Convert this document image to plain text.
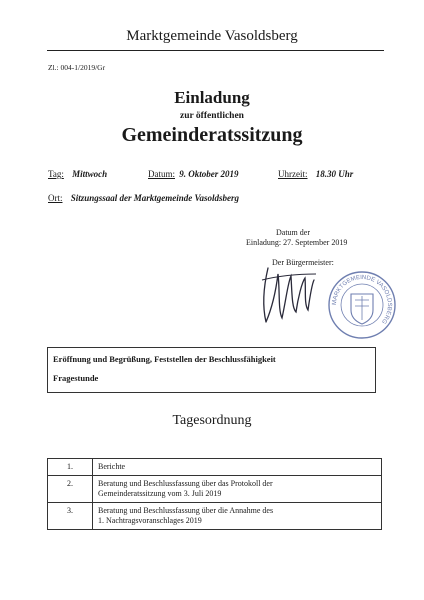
Marktgemeinde Vasoldsberg
Zl.: 004-1/2019/Gr
Einladung
zur öffentlichen
Gemeinderatssitzung
Tag: Mittwoch	Datum: 9. Oktober 2019	Uhrzeit: 18.30 Uhr
Ort: Sitzungssaal der Marktgemeinde Vasoldsberg
Datum der
Einladung: 27. September 2019
Der Bürgermeister:
MARKTGEMEINDE VASOLDSBERG
Eröffnung und Begrüßung, Feststellen der Beschlussfähigkeit
Fragestunde
Tagesordnung
1.	Berichte

2.	Beratung und Beschlussfassung über das Protokoll der
Gemeinderatssitzung vom 3. Juli 2019

3.	Beratung und Beschlussfassung über die Annahme des
1. Nachtragsvoranschlages 2019
